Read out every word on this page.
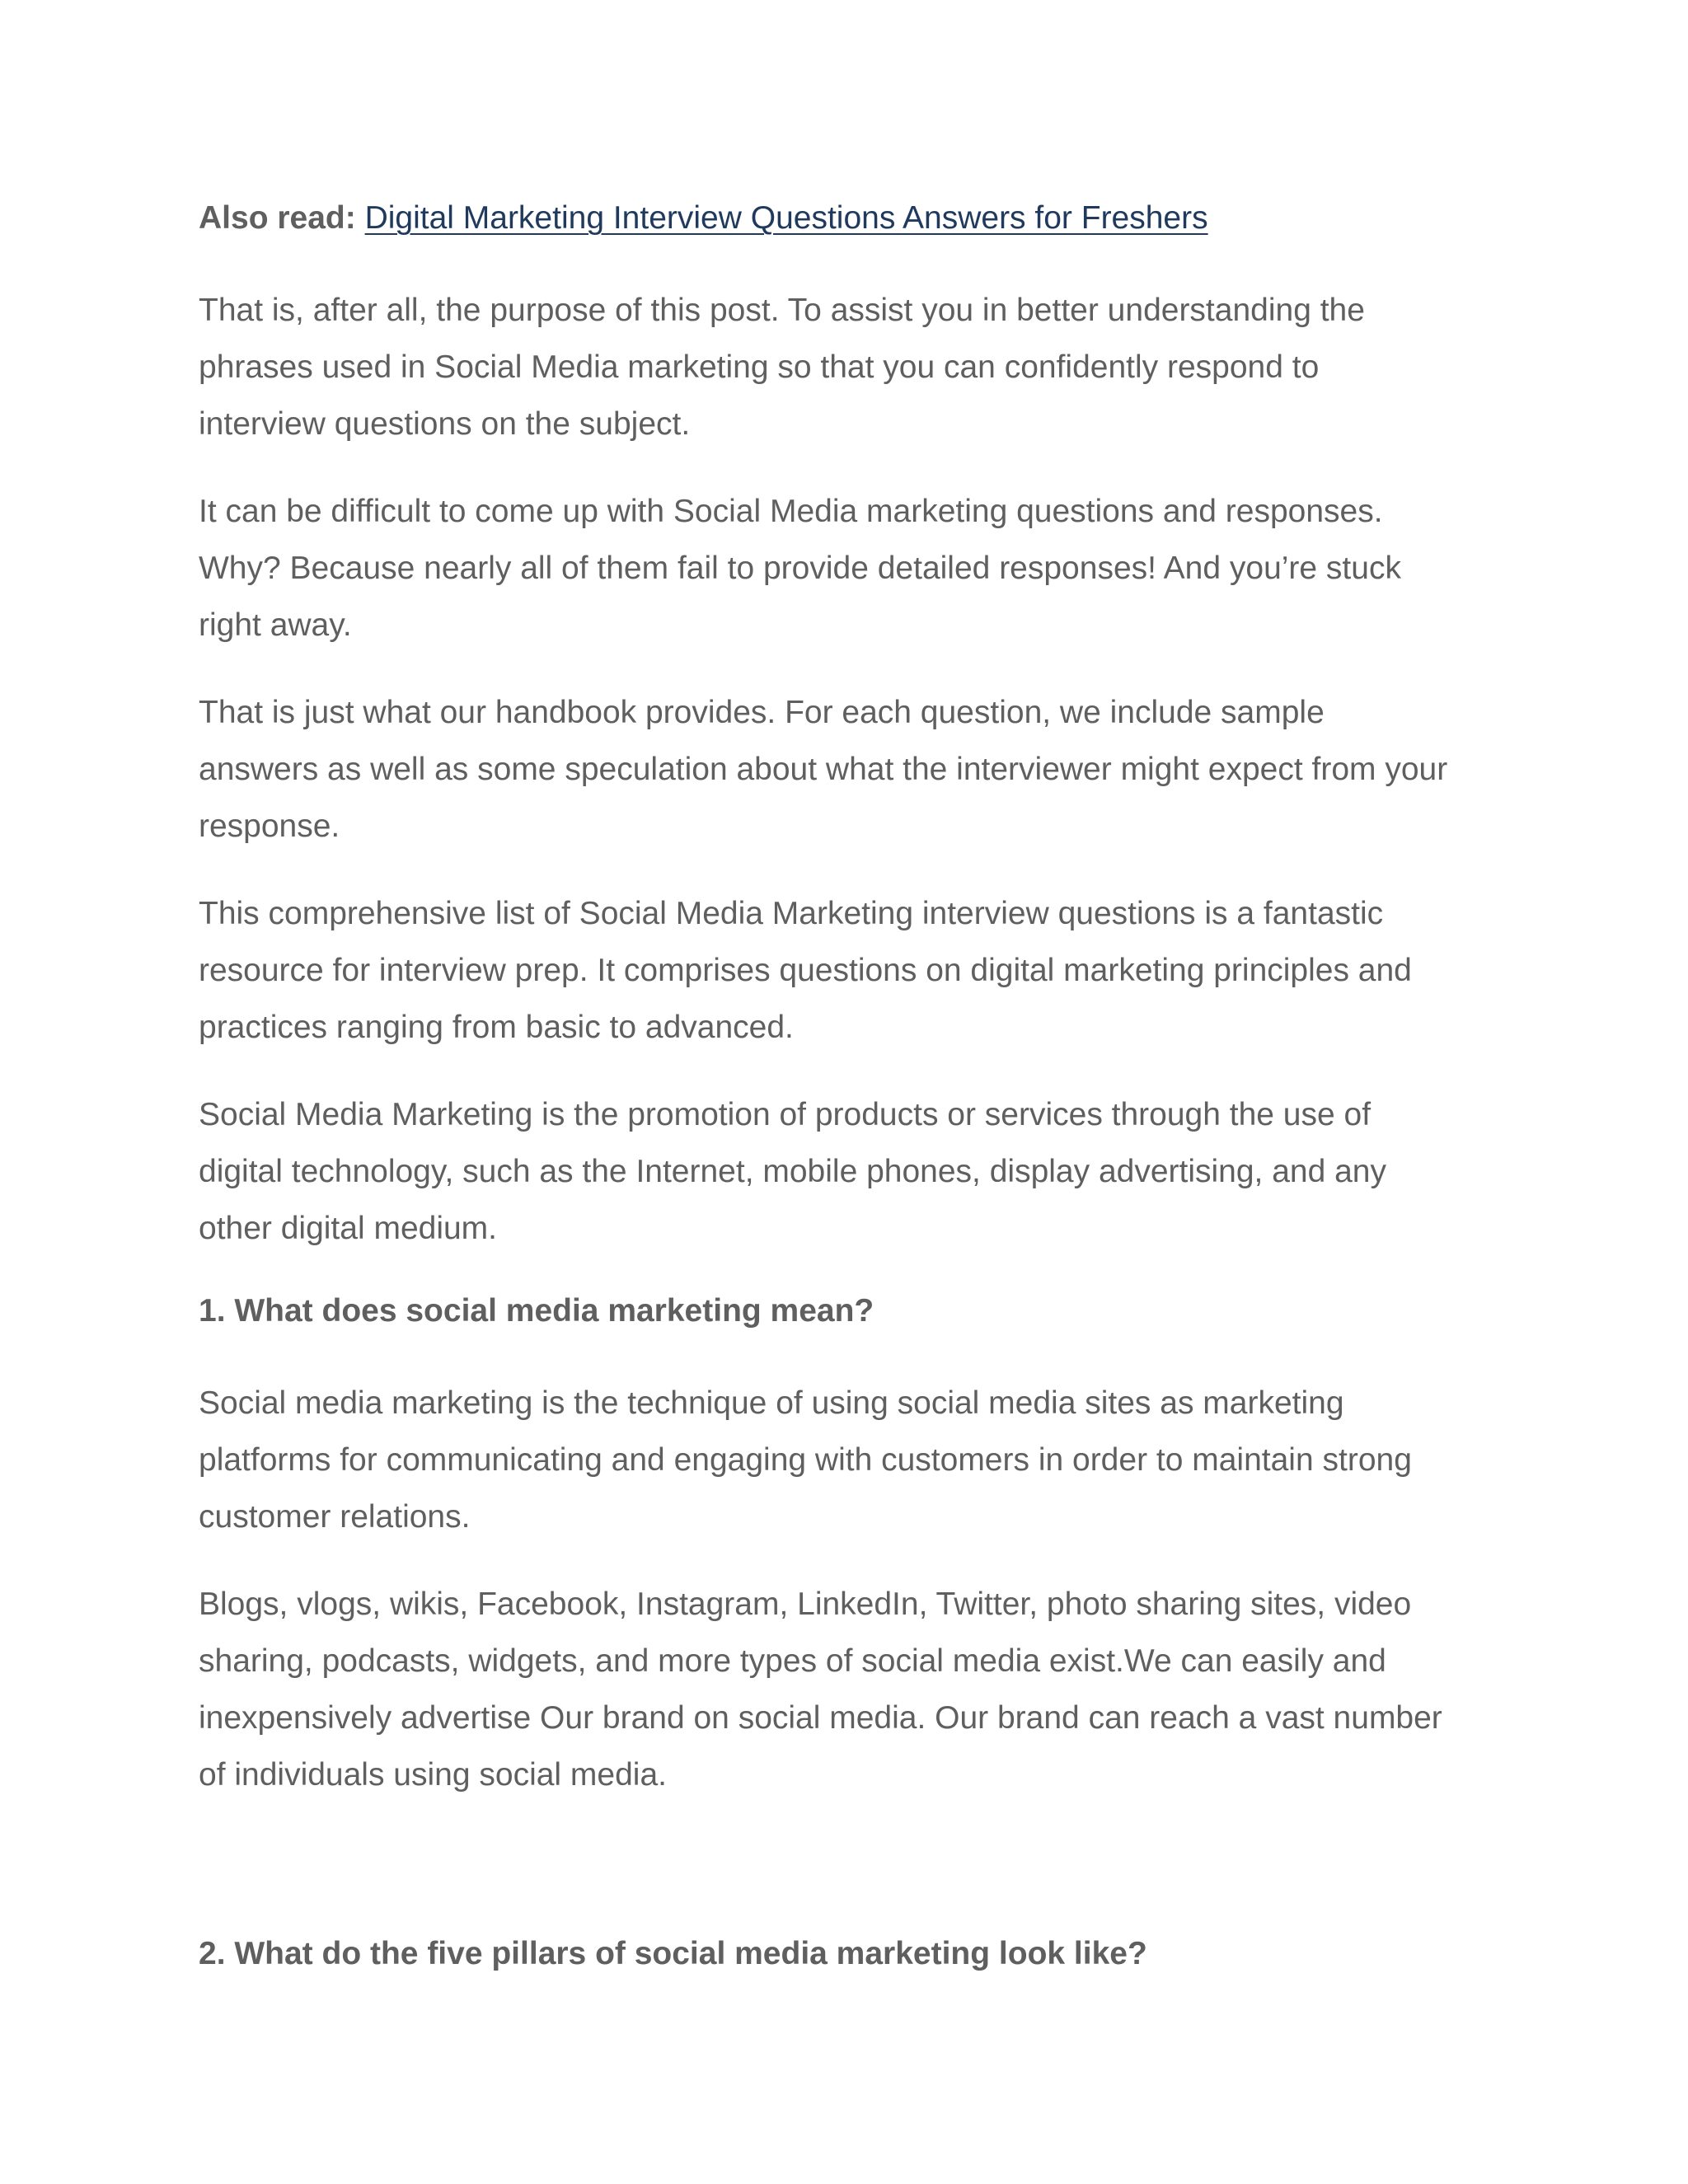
Also read: Digital Marketing Interview Questions Answers for Freshers

That is, after all, the purpose of this post. To assist you in better understanding the
phrases used in Social Media marketing so that you can confidently respond to
interview questions on the subject.

It can be difficult to come up with Social Media marketing questions and responses.
Why? Because nearly all of them fail to provide detailed responses! And you’re stuck
right away.

That is just what our handbook provides. For each question, we include sample
answers as well as some speculation about what the interviewer might expect from your
response.

This comprehensive list of Social Media Marketing interview questions is a fantastic
resource for interview prep. It comprises questions on digital marketing principles and
practices ranging from basic to advanced.

Social Media Marketing is the promotion of products or services through the use of
digital technology, such as the Internet, mobile phones, display advertising, and any
other digital medium.

1. What does social media marketing mean?

Social media marketing is the technique of using social media sites as marketing
platforms for communicating and engaging with customers in order to maintain strong
customer relations.

Blogs, vlogs, wikis, Facebook, Instagram, LinkedIn, Twitter, photo sharing sites, video
sharing, podcasts, widgets, and more types of social media exist.We can easily and
inexpensively advertise Our brand on social media. Our brand can reach a vast number
of individuals using social media.

2. What do the five pillars of social media marketing look like?
